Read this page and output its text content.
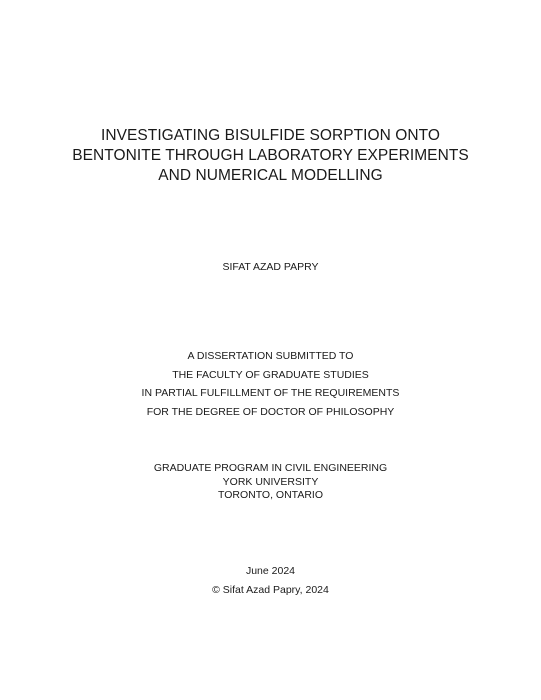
INVESTIGATING BISULFIDE SORPTION ONTO
BENTONITE THROUGH LABORATORY EXPERIMENTS
AND NUMERICAL MODELLING
SIFAT AZAD PAPRY
A DISSERTATION SUBMITTED TO
THE FACULTY OF GRADUATE STUDIES
IN PARTIAL FULFILLMENT OF THE REQUIREMENTS
FOR THE DEGREE OF DOCTOR OF PHILOSOPHY
GRADUATE PROGRAM IN CIVIL ENGINEERING
YORK UNIVERSITY
TORONTO, ONTARIO
June 2024
© Sifat Azad Papry, 2024
